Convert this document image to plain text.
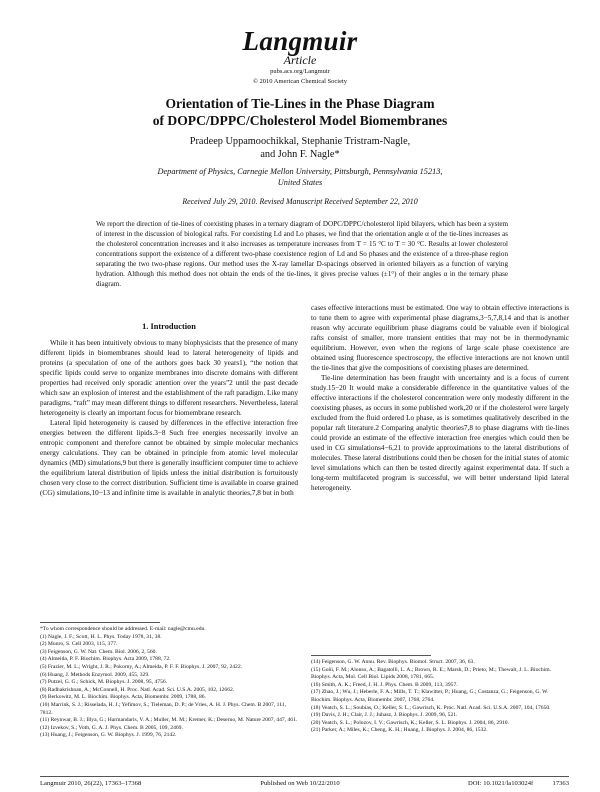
Langmuir
Article
pubs.acs.org/Langmuir
© 2010 American Chemical Society
Orientation of Tie-Lines in the Phase Diagram
of DOPC/DPPC/Cholesterol Model Biomembranes
Pradeep Uppamoochikkal, Stephanie Tristram-Nagle,
and John F. Nagle*
Department of Physics, Carnegie Mellon University, Pittsburgh, Pennsylvania 15213,
United States
Received July 29, 2010. Revised Manuscript Received September 22, 2010
We report the direction of tie-lines of coexisting phases in a ternary diagram of DOPC/DPPC/cholesterol lipid bilayers, which has been a system of interest in the discussion of biological rafts. For coexisting Ld and Lo phases, we find that the orientation angle α of the tie-lines increases as the cholesterol concentration increases and it also increases as temperature increases from T = 15 °C to T = 30 °C. Results at lower cholesterol concentrations support the existence of a different two-phase coexistence region of Ld and So phases and the existence of a three-phase region separating the two two-phase regions. Our method uses the X-ray lamellar D-spacings observed in oriented bilayers as a function of varying hydration. Although this method does not obtain the ends of the tie-lines, it gives precise values (±1°) of their angles α in the ternary phase diagram.
1. Introduction

While it has been intuitively obvious to many biophysicists that the presence of many different lipids in biomembranes should lead to lateral heterogeneity of lipids and proteins (a speculation of one of the authors goes back 30 years1), “the notion that specific lipids could serve to organize membranes into discrete domains with different properties had received only sporadic attention over the years”2 until the past decade which saw an explosion of interest and the establishment of the raft paradigm. Like many paradigms, “raft” may mean different things to different researchers. Nevertheless, lateral heterogeneity is clearly an important focus for biomembrane research.

Lateral lipid heterogeneity is caused by differences in the effective interaction free energies between the different lipids.3−8 Such free energies necessarily involve an entropic component and therefore cannot be obtained by simple molecular mechanics energy calculations. They can be obtained in principle from atomic level molecular dynamics (MD) simulations,9 but there is generally insufficient computer time to achieve the equilibrium lateral distribution of lipids unless the initial distribution is fortuitously chosen very close to the correct distribution. Sufficient time is available in coarse grained (CG) simulations,10−13 and infinite time is available in analytic theories,7,8 but in both

cases effective interactions must be estimated. One way to obtain effective interactions is to tune them to agree with experimental phase diagrams,3−5,7,8,14 and that is another reason why accurate equilibrium phase diagrams could be valuable even if biological rafts consist of smaller, more transient entities that may not be in thermodynamic equilibrium. However, even when the regions of large scale phase coexistence are obtained using fluorescence spectroscopy, the effective interactions are not known until the tie-lines that give the compositions of coexisting phases are determined.

Tie-line determination has been fraught with uncertainty and is a focus of current study.15−20 It would make a considerable difference in the quantitative values of the effective interactions if the cholesterol concentration were only modestly different in the coexisting phases, as occurs in some published work,20 or if the cholesterol were largely excluded from the fluid ordered Lo phase, as is sometimes qualitatively described in the popular raft literature.2 Comparing analytic theories7,8 to phase diagrams with tie-lines could provide an estimate of the effective interaction free energies which could then be used in CG simulations4−6,21 to provide approximations to the lateral distributions of molecules. These lateral distributions could then be chosen for the initial states of atomic level simulations which can then be tested directly against experimental data. If such a long-term multifaceted program is successful, we will better understand lipid lateral heterogeneity.

*To whom correspondence should be addressed. E-mail: nagle@cmu.edu.
(1) Nagle, J. F.; Scott, H. L. Phys. Today 1978, 31, 38.
(2) Munro, S. Cell 2003, 115, 377.
(3) Feigenson, G. W. Nat. Chem. Biol. 2006, 2, 560.
(4) Almeida, P. F. Biochim. Biophys. Acta 2009, 1788, 72.
(5) Frazier, M. L.; Wright, J. R.; Pokorny, A.; Almeida, P. F. F. Biophys. J. 2007, 92, 2422.
(6) Huang, J. Methods Enzymol. 2009, 455, 329.
(7) Putzel, G. G.; Schick, M. Biophys. J. 2008, 95, 4756.
(8) Radhakrishnan, A.; McConnell, H. Proc. Natl. Acad. Sci. U.S.A. 2005, 102, 12662.
(9) Berkowitz, M. L. Biochim. Biophys. Acta, Biomembr. 2009, 1788, 86.
(10) Marrink, S. J.; Risselada, H. J.; Yefimov, S.; Tieleman, D. P.; de Vries, A. H. J. Phys. Chem. B 2007, 111, 7812.
(11) Reynwar, B. J.; Illya, G.; Harmandaris, V. A.; Muller, M. M.; Kremer, K.; Deserno, M. Nature 2007, 447, 461.
(12) Izvekov, S.; Voth, G. A. J. Phys. Chem. B 2005, 109, 2469.
(13) Huang, J.; Feigenson, G. W. Biophys. J. 1999, 76, 2142.
(14) Feigenson, G. W. Annu. Rev. Biophys. Biomol. Struct. 2007, 36, 63.
(15) Goñi, F. M.; Alonso, A.; Bagatolli, L. A.; Brown, R. E.; Marsh, D.; Prieto, M.; Thewalt, J. L. Biochim. Biophys. Acta, Mol. Cell Biol. Lipids 2008, 1781, 665.
(16) Smith, A. K.; Freed, J. H. J. Phys. Chem. B 2009, 113, 3957.
(17) Zhao, J.; Wu, J.; Heberle, F. A.; Mills, T. T.; Klawitter, P.; Huang, G.; Costanza, G.; Feigenson, G. W. Biochim. Biophys. Acta, Biomembr. 2007, 1768, 2764.
(18) Veatch, S. L.; Soubias, O.; Keller, S. L.; Gawrisch, K. Proc. Natl. Acad. Sci. U.S.A. 2007, 104, 17650.
(19) Davis, J. H.; Clair, J. J.; Juhasz, J. Biophys. J. 2009, 96, 521.
(20) Veatch, S. L.; Polozov, I. V.; Gawrisch, K.; Keller, S. L. Biophys. J. 2004, 86, 2910.
(21) Parker, A.; Miles, K.; Cheng, K. H.; Huang, J. Biophys. J. 2004, 86, 1532.
Langmuir 2010, 26(22), 17363–17368	Published on Web 10/22/2010	DOI: 10.1021/la103024f	17363
